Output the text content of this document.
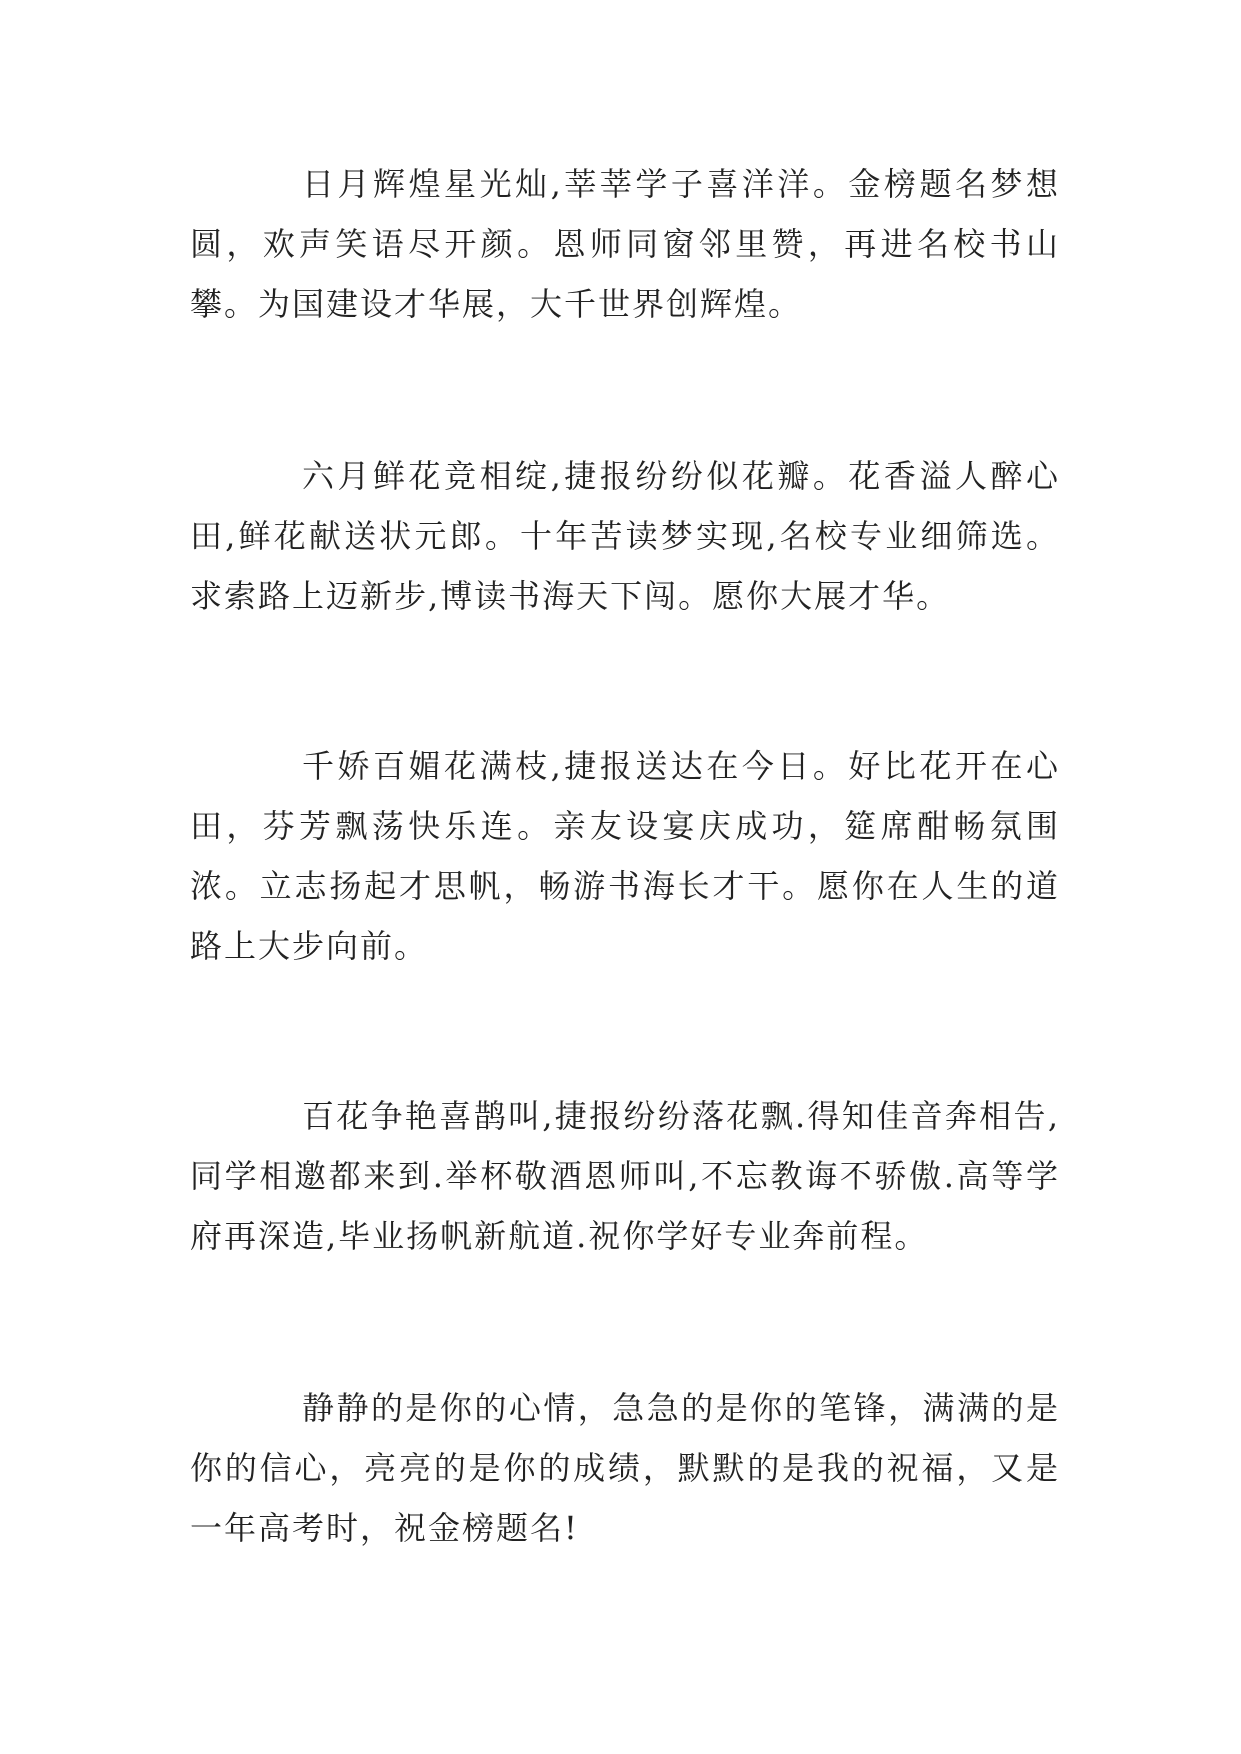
日月辉煌星光灿,莘莘学子喜洋洋。金榜题名梦想圆，欢声笑语尽开颜。恩师同窗邻里赞，再进名校书山攀。为国建设才华展，大千世界创辉煌。

六月鲜花竞相绽,捷报纷纷似花瓣。花香溢人醉心田,鲜花献送状元郎。十年苦读梦实现,名校专业细筛选。求索路上迈新步,博读书海天下闯。愿你大展才华。

千娇百媚花满枝,捷报送达在今日。好比花开在心田，芬芳飘荡快乐连。亲友设宴庆成功，筵席酣畅氛围浓。立志扬起才思帆，畅游书海长才干。愿你在人生的道路上大步向前。

百花争艳喜鹊叫,捷报纷纷落花飘.得知佳音奔相告,同学相邀都来到.举杯敬酒恩师叫,不忘教诲不骄傲.高等学府再深造,毕业扬帆新航道.祝你学好专业奔前程。

静静的是你的心情，急急的是你的笔锋，满满的是你的信心，亮亮的是你的成绩，默默的是我的祝福，又是一年高考时，祝金榜题名!
